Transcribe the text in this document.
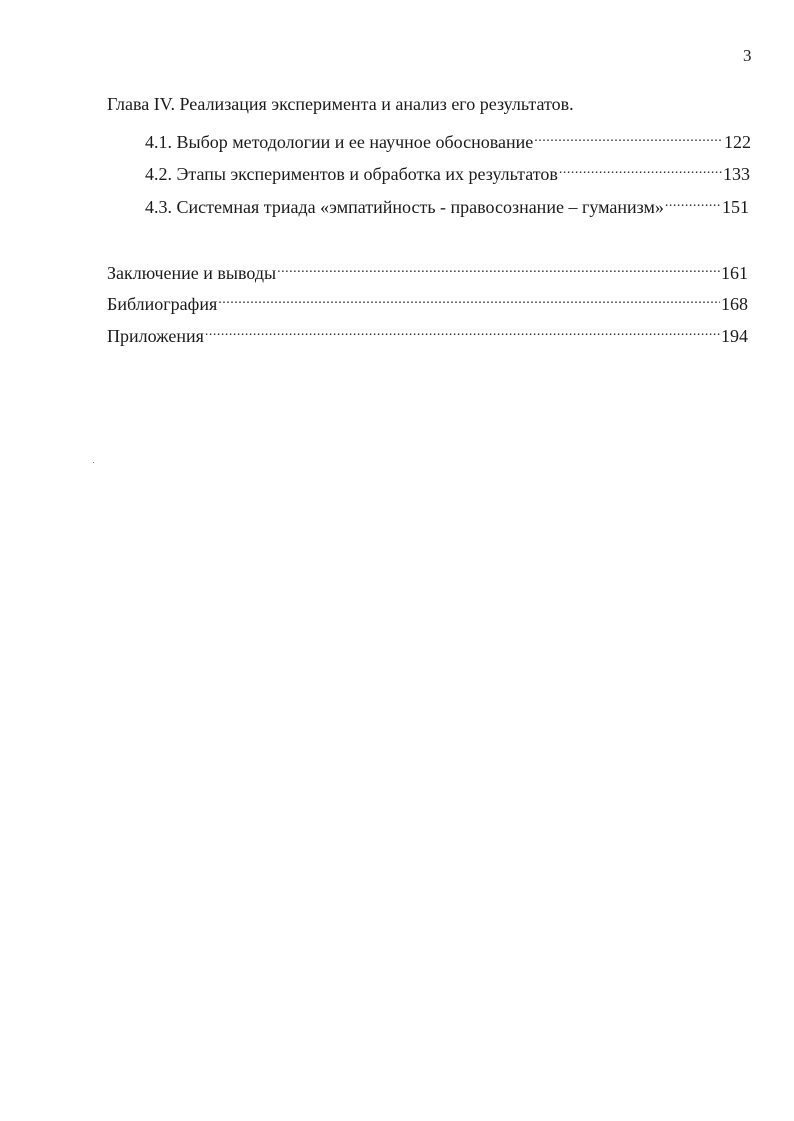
3
Глава IV. Реализация эксперимента и анализ его результатов.
4.1. Выбор методологии и ее научное обоснование .....	122
4.2. Этапы экспериментов и обработка их результатов .....	133
4.3. Системная триада «эмпатийность - правосознание – гуманизм» .....	151
Заключение и выводы .....	161
Библиография .....	168
Приложения .....	194
